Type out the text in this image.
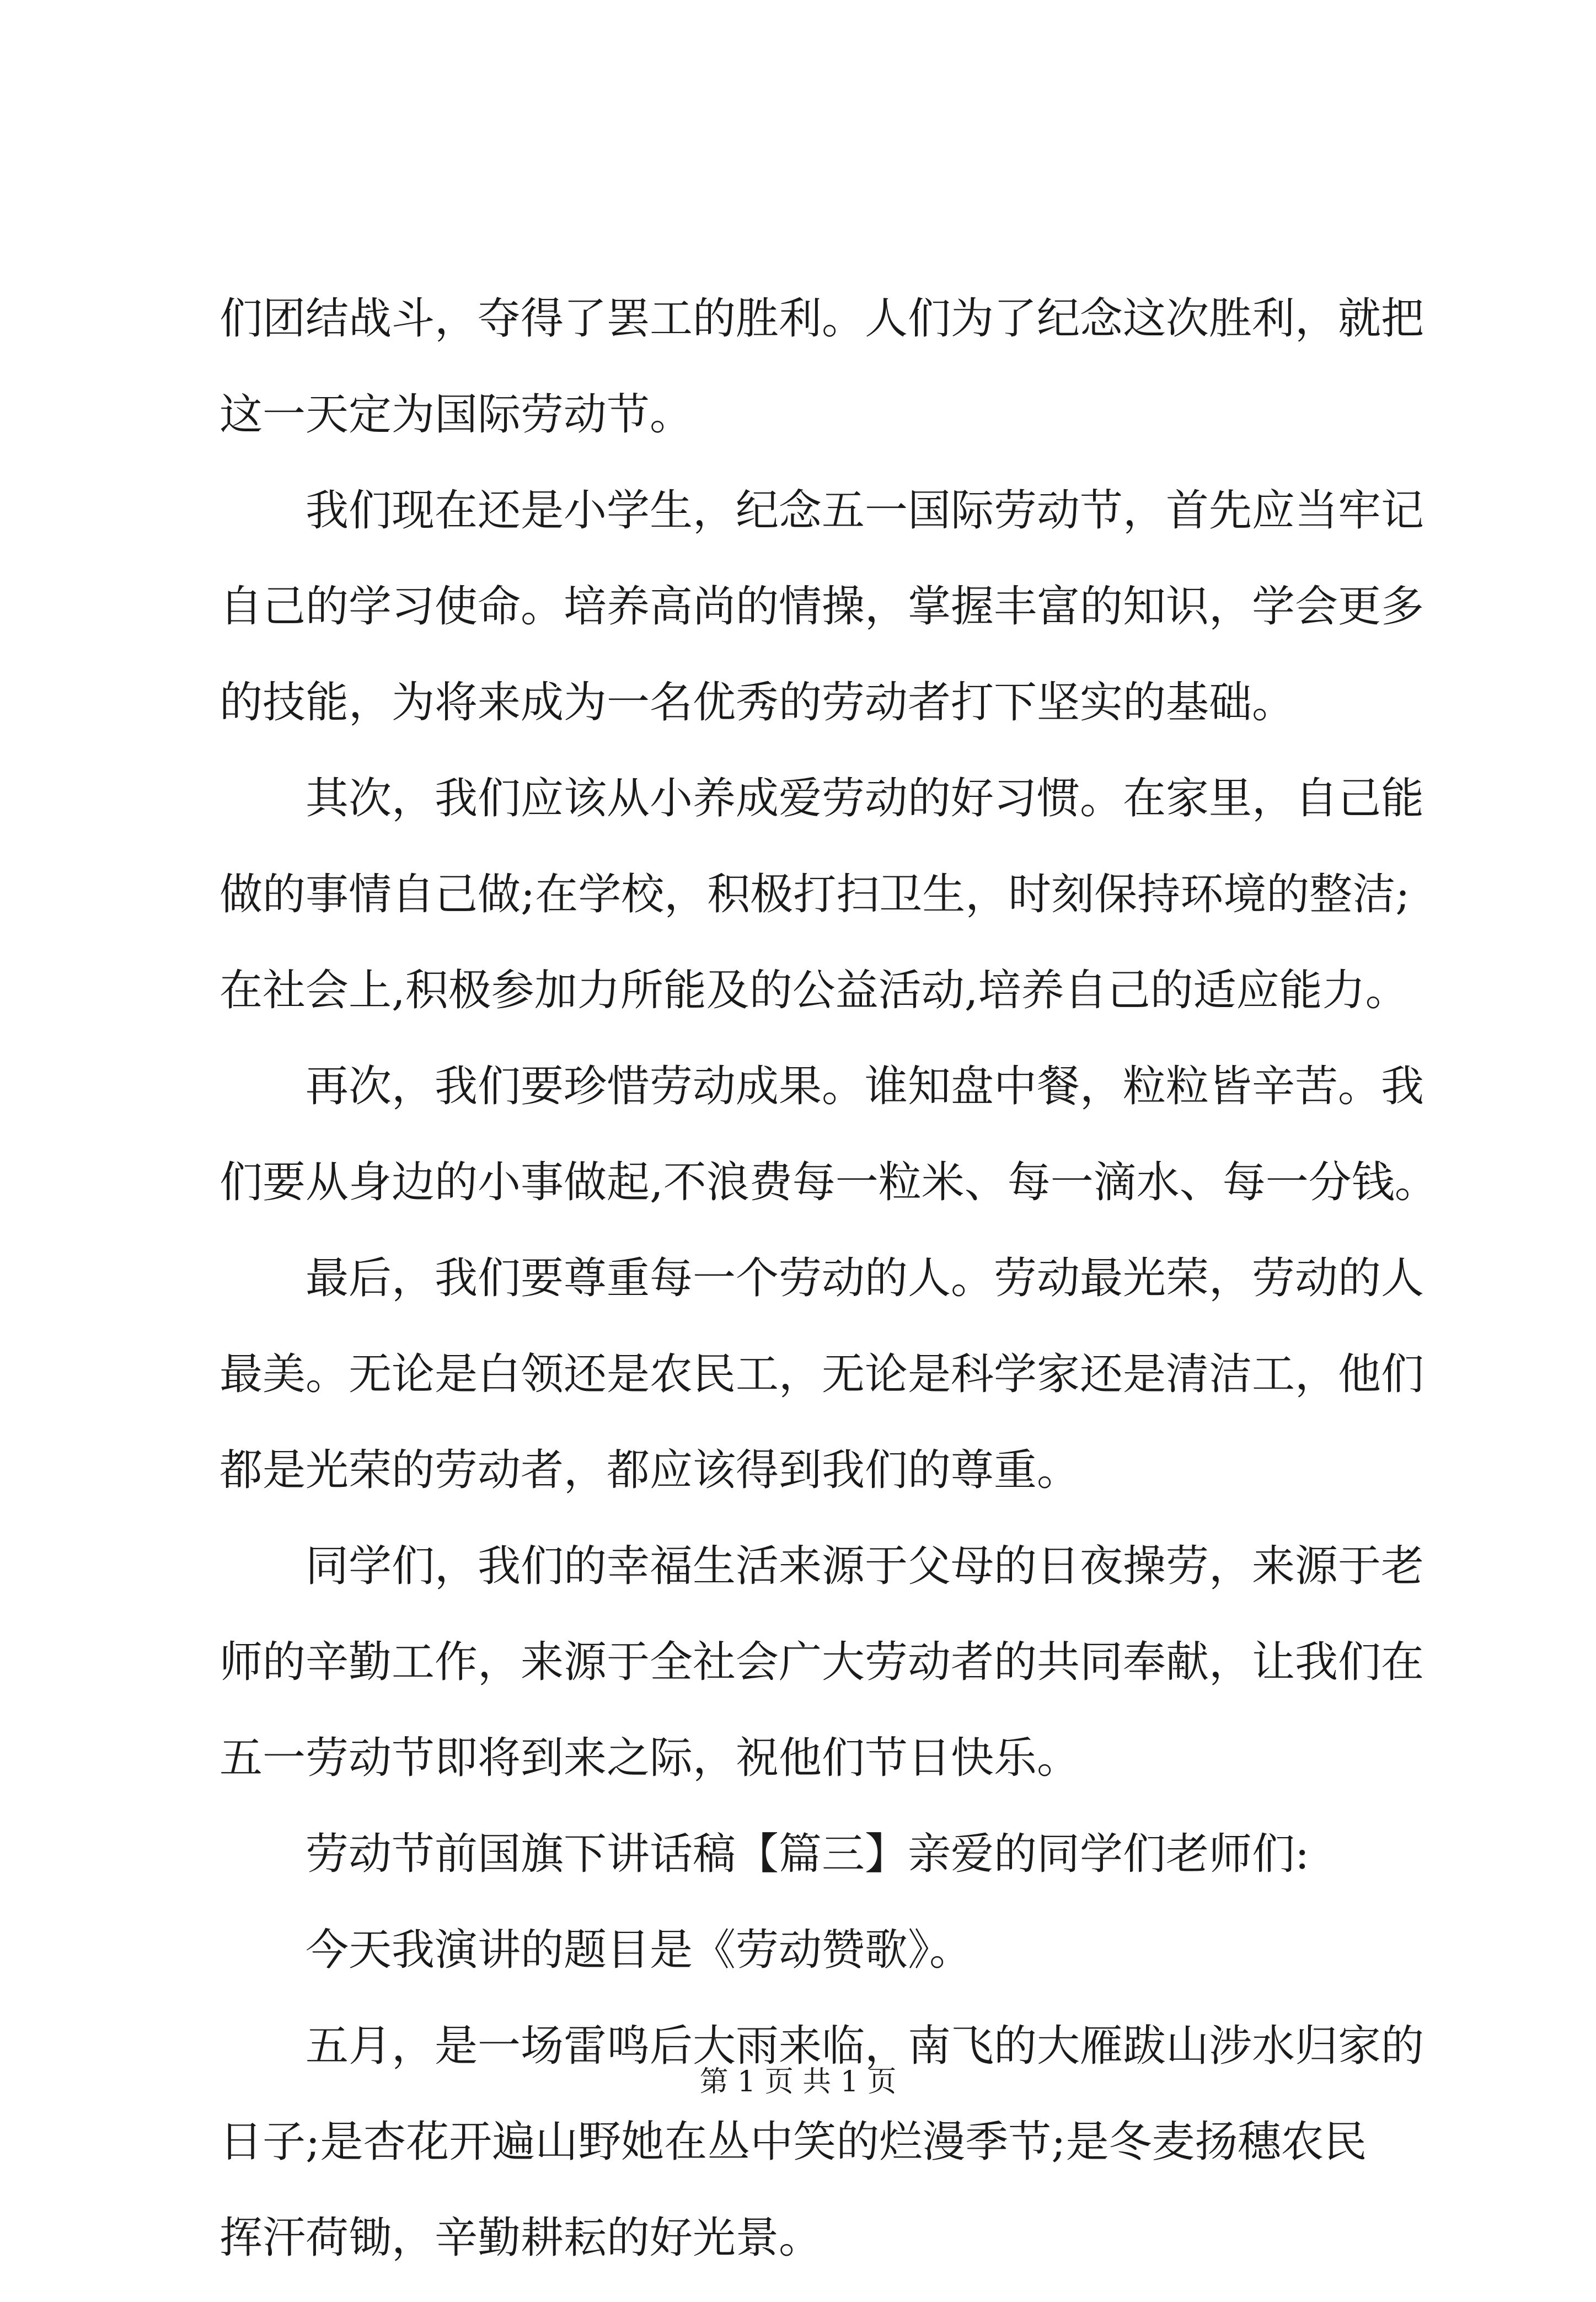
们团结战斗，夺得了罢工的胜利。人们为了纪念这次胜利，就把
这一天定为国际劳动节。
我们现在还是小学生，纪念五一国际劳动节，首先应当牢记
自己的学习使命。培养高尚的情操，掌握丰富的知识，学会更多
的技能，为将来成为一名优秀的劳动者打下坚实的基础。
其次，我们应该从小养成爱劳动的好习惯。在家里，自己能
做的事情自己做;在学校，积极打扫卫生，时刻保持环境的整洁;
在社会上,积极参加力所能及的公益活动,培养自己的适应能力。
再次，我们要珍惜劳动成果。谁知盘中餐，粒粒皆辛苦。我
们要从身边的小事做起,不浪费每一粒米、每一滴水、每一分钱。
最后，我们要尊重每一个劳动的人。劳动最光荣，劳动的人
最美。无论是白领还是农民工，无论是科学家还是清洁工，他们
都是光荣的劳动者，都应该得到我们的尊重。
同学们，我们的幸福生活来源于父母的日夜操劳，来源于老
师的辛勤工作，来源于全社会广大劳动者的共同奉献，让我们在
五一劳动节即将到来之际，祝他们节日快乐。
劳动节前国旗下讲话稿【篇三】亲爱的同学们老师们:
今天我演讲的题目是《劳动赞歌》。
五月，是一场雷鸣后大雨来临，南飞的大雁跋山涉水归家的
日子;是杏花开遍山野她在丛中笑的烂漫季节;是冬麦扬穗农民
挥汗荷锄，辛勤耕耘的好光景。
第 1 页 共 1 页
